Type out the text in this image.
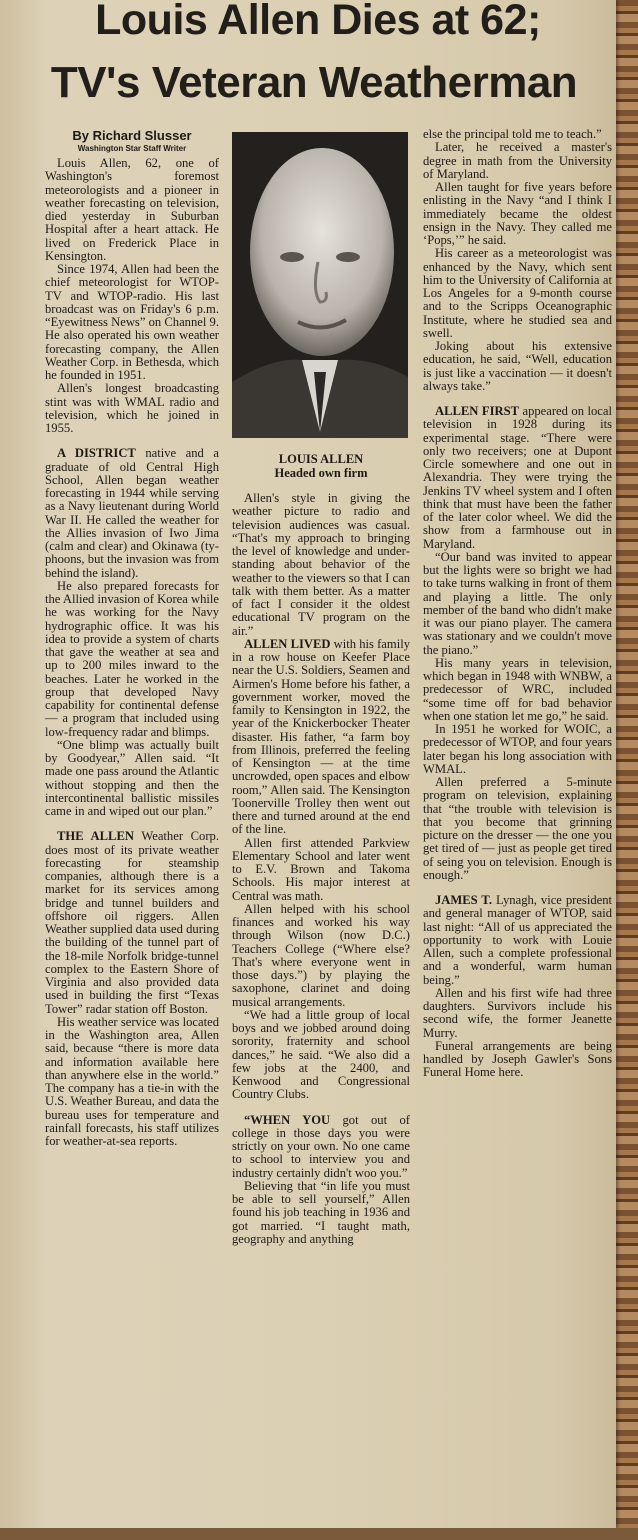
Louis Allen Dies at 62;
TV's Veteran Weatherman
By Richard Slusser
Washington Star Staff Writer

Louis Allen, 62, one of Washington's foremost meteorologists and a pioneer in weather forecasting on television, died yesterday in Suburban Hospital after a heart attack. He lived on Frederick Place in Kensington.

Since 1974, Allen had been the chief meteorologist for WTOP-TV and WTOP-radio. His last broadcast was on Friday's 6 p.m. “Eyewitness News” on Channel 9. He also operated his own weather forecasting company, the Allen Weather Corp. in Bethesda, which he founded in 1951.

Allen's longest broadcasting stint was with WMAL radio and television, which he joined in 1955.

A DISTRICT native and a graduate of old Central High School, Allen began weather forecasting in 1944 while serving as a Navy lieutenant during World War II. He called the weather for the Allies invasion of Iwo Jima (calm and clear) and Okinawa (typhoons, but the invasion was from behind the island).

He also prepared forecasts for the Allied invasion of Korea while he was working for the Navy hydrographic office. It was his idea to provide a system of charts that gave the weather at sea and up to 200 miles inward to the beaches. Later he worked in the group that developed Navy capability for continental defense — a program that included using low-frequency radar and blimps.

“One blimp was actually built by Goodyear,” Allen said. “It made one pass around the Atlantic without stopping and then the intercontinental ballistic missiles came in and wiped out our plan.”

THE ALLEN Weather Corp. does most of its private weather forecasting for steamship companies, although there is a market for its services among bridge and tunnel builders and offshore oil riggers. Allen Weather supplied data used during the building of the tunnel part of the 18-mile Norfolk bridge-tunnel complex to the Eastern Shore of Virginia and also provided data used in building the first “Texas Tower” radar station off Boston.

His weather service was located in the Washington area, Allen said, because “there is more data and information available here than anywhere else in the world.” The company has a tie-in with the U.S. Weather Bureau, and data the bureau uses for temperature and rainfall forecasts, his staff utilizes for weather-at-sea reports.

LOUIS ALLEN
Headed own firm

Allen's style in giving the weather picture to radio and television audiences was casual. “That's my approach to bringing the level of knowledge and understanding about behavior of the weather to the viewers so that I can talk with them better. As a matter of fact I consider it the oldest educational TV program on the air.”

ALLEN LIVED with his family in a row house on Keefer Place near the U.S. Soldiers, Seamen and Airmen's Home before his father, a government worker, moved the family to Kensington in 1922, the year of the Knickerbocker Theater disaster. His father, “a farm boy from Illinois, preferred the feeling of Kensington — at the time uncrowded, open spaces and elbow room,” Allen said. The Kensington Toonerville Trolley then went out there and turned around at the end of the line.

Allen first attended Parkview Elementary School and later went to E.V. Brown and Takoma Schools. His major interest at Central was math.

Allen helped with his school finances and worked his way through Wilson (now D.C.) Teachers College (“Where else? That's where everyone went in those days.”) by playing the saxophone, clarinet and doing musical arrangements.

“We had a little group of local boys and we jobbed around doing sorority, fraternity and school dances,” he said. “We also did a few jobs at the 2400, and Kenwood and Congressional Country Clubs.

“WHEN YOU got out of college in those days you were strictly on your own. No one came to school to interview you and industry certainly didn't woo you.”

Believing that “in life you must be able to sell yourself,” Allen found his job teaching in 1936 and got married. “I taught math, geography and anything

else the principal told me to teach.”

Later, he received a master's degree in math from the University of Maryland.

Allen taught for five years before enlisting in the Navy “and I think I immediately became the oldest ensign in the Navy. They called me ‘Pops,’” he said.

His career as a meteorologist was enhanced by the Navy, which sent him to the University of California at Los Angeles for a 9-month course and to the Scripps Oceanographic Institute, where he studied sea and swell.

Joking about his extensive education, he said, “Well, education is just like a vaccination — it doesn't always take.”

ALLEN FIRST appeared on local television in 1928 during its experimental stage. “There were only two receivers; one at Dupont Circle somewhere and one out in Alexandria. They were trying the Jenkins TV wheel system and I often think that must have been the father of the later color wheel. We did the show from a farmhouse out in Maryland.

“Our band was invited to appear but the lights were so bright we had to take turns walking in front of them and playing a little. The only member of the band who didn't make it was our piano player. The camera was stationary and we couldn't move the piano.”

His many years in television, which began in 1948 with WNBW, a predecessor of WRC, included “some time off for bad behavior when one station let me go,” he said.

In 1951 he worked for WOIC, a predecessor of WTOP, and four years later began his long association with WMAL.

Allen preferred a 5-minute program on television, explaining that “the trouble with television is that you become that grinning picture on the dresser — the one you get tired of — just as people get tired of seing you on television. Enough is enough.”

JAMES T. Lynagh, vice president and general manager of WTOP, said last night: “All of us appreciated the opportunity to work with Louie Allen, such a complete professional and a wonderful, warm human being.”

Allen and his first wife had three daughters. Survivors include his second wife, the former Jeanette Murry.

Funeral arrangements are being handled by Joseph Gawler's Sons Funeral Home here.
